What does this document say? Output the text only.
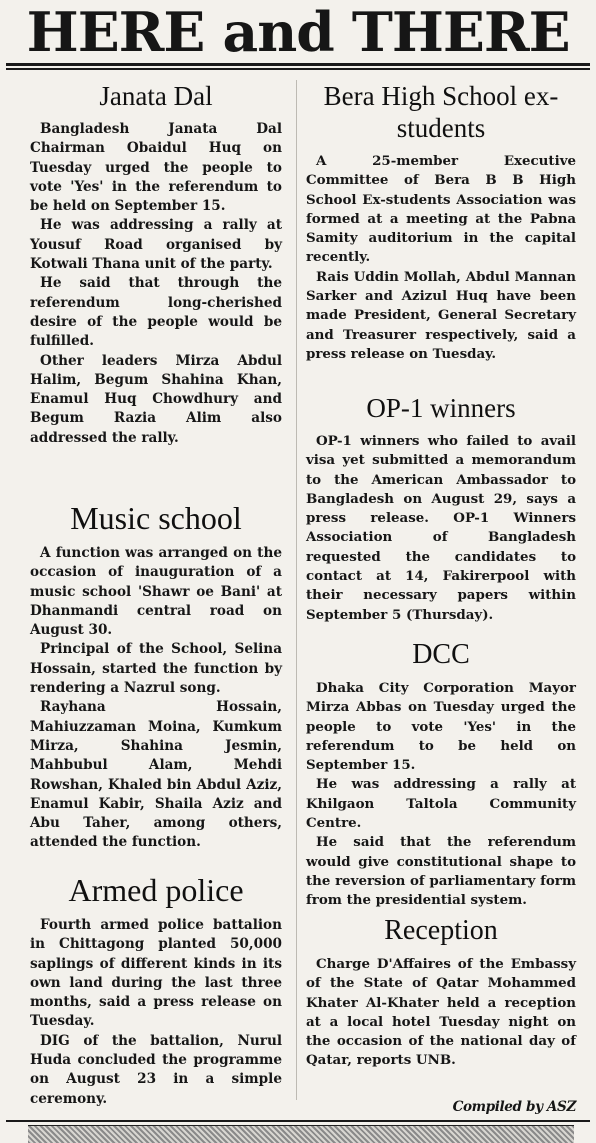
HERE and THERE
Janata Dal

Bangladesh Janata Dal Chairman Obaidul Huq on Tuesday urged the people to vote 'Yes' in the referendum to be held on September 15.

He was addressing a rally at Yousuf Road organised by Kotwali Thana unit of the party.

He said that through the referendum long-cherished desire of the people would be fulfilled.

Other leaders Mirza Abdul Halim, Begum Shahina Khan, Enamul Huq Chowdhury and Begum Razia Alim also addressed the rally.

Music school

A function was arranged on the occasion of inauguration of a music school 'Shawr oe Bani' at Dhanmandi central road on August 30.

Principal of the School, Selina Hossain, started the function by rendering a Nazrul song.

Rayhana Hossain, Mahiuzzaman Moina, Kumkum Mirza, Shahina Jesmin, Mahbubul Alam, Mehdi Rowshan, Khaled bin Abdul Aziz, Enamul Kabir, Shaila Aziz and Abu Taher, among others, attended the function.

Armed police

Fourth armed police battalion in Chittagong planted 50,000 saplings of different kinds in its own land during the last three months, said a press release on Tuesday.

DIG of the battalion, Nurul Huda concluded the programme on August 23 in a simple ceremony.

Bera High School ex-students

A 25-member Executive Committee of Bera B B High School Ex-students Association was formed at a meeting at the Pabna Samity auditorium in the capital recently.

Rais Uddin Mollah, Abdul Mannan Sarker and Azizul Huq have been made President, General Secretary and Treasurer respectively, said a press release on Tuesday.

OP-1 winners

OP-1 winners who failed to avail visa yet submitted a memorandum to the American Ambassador to Bangladesh on August 29, says a press release. OP-1 Winners Association of Bangladesh requested the candidates to contact at 14, Fakirerpool with their necessary papers within September 5 (Thursday).

DCC

Dhaka City Corporation Mayor Mirza Abbas on Tuesday urged the people to vote 'Yes' in the referendum to be held on September 15.

He was addressing a rally at Khilgaon Taltola Community Centre.

He said that the referendum would give constitutional shape to the reversion of parliamentary form from the presidential system.

Reception

Charge D'Affaires of the Embassy of the State of Qatar Mohammed Khater Al-Khater held a reception at a local hotel Tuesday night on the occasion of the national day of Qatar, reports UNB.

Compiled by ASZ
